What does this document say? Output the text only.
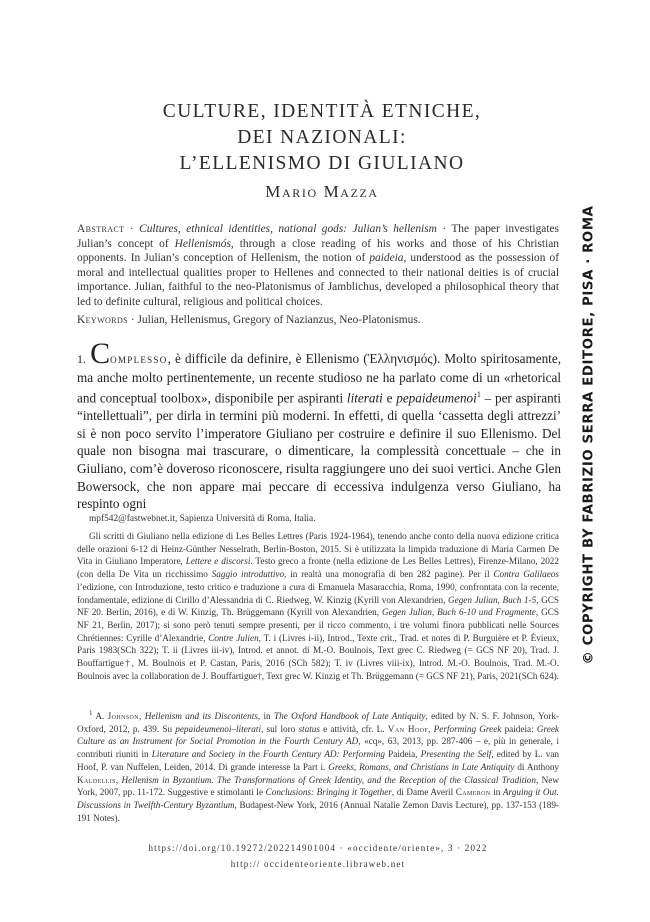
CULTURE, IDENTITÀ ETNICHE,
DEI NAZIONALI:
L’ELLENISMO DI GIULIANO
Mario Mazza
Abstract · Cultures, ethnical identities, national gods: Julian’s hellenism · The paper investigates Julian’s concept of Hellenismós, through a close reading of his works and those of his Christian opponents. In Julian’s conception of Hellenism, the notion of paideia, understood as the possession of moral and intellectual qualities proper to Hellenes and connected to their national deities is of crucial importance. Julian, faithful to the neo-Platonismus of Jamblichus, developed a philosophical theory that led to definite cultural, religious and political choices.
Keywords · Julian, Hellenismus, Gregory of Nazianzus, Neo-Platonismus.
1. Complesso, è difficile da definire, è Ellenismo (Ἑλληνισμός). Molto spiritosamente, ma anche molto pertinentemente, un recente studioso ne ha parlato come di un «rhetorical and conceptual toolbox», disponibile per aspiranti literati e pepaideumenoi$^1$ – per aspiranti “intellettuali”, per dirla in termini più moderni. In effetti, di quella ‘cassetta degli attrezzi’ si è non poco servito l’imperatore Giuliano per costruire e definire il suo Ellenismo. Del quale non bisogna mai trascurare, o dimenticare, la complessità concettuale – che in Giuliano, com’è doveroso riconoscere, risulta raggiungere uno dei suoi vertici. Anche Glen Bowersock, che non appare mai peccare di eccessiva indulgenza verso Giuliano, ha respinto ogni
mpf542@fastwebnet.it, Sapienza Università di Roma, Italia.
Gli scritti di Giuliano nella edizione di Les Belles Lettres (Paris 1924-1964), tenendo anche conto della nuova edizione critica delle orazioni 6-12 di Heinz-Günther Nesselrath, Berlin-Boston, 2015. Si è utilizzata la limpida traduzione di Maria Carmen De Vita in Giuliano Imperatore, Lettere e discorsi. Testo greco a fronte (nella edizione de Les Belles Lettres), Firenze-Milano, 2022 (con della De Vita un ricchissimo Saggio introduttivo, in realtà una monografia di ben 282 pagine). Per il Contra Galilaeos l’edizione, con Introduzione, testo critico e traduzione a cura di Emanuela Masaracchia, Roma, 1990, confrontata con la recente, fondamentale, edizione di Cirillo d’Alessandria di C. Riedweg, W. Kinzig (Kyrill von Alexandrien, Gegen Julian, Buch 1-5, GCS NF 20. Berlin, 2016), e di W. Kinzig, Th. Brüggemann (Kyrill von Alexandrien, Gegen Julian, Buch 6-10 und Fragmente, GCS NF 21, Berlin, 2017); si sono però tenuti sempre presenti, per il ricco commento, i tre volumi finora pubblicati nelle Sources Chrétiennes: Cyrille d’Alexandrie, Contre Julien, T. i (Livres i-ii), Introd., Texte crit., Trad. et notes di P. Burguière et P. Évieux, Paris 1983(SCh 322); T. ii (Livres iii-iv), Introd. et annot. di M.-O. Boulnois, Text grec C. Riedweg (= GCS NF 20), Trad. J. Bouffartigue†, M. Boulnois et P. Castan, Paris, 2016 (SCh 582); T. iv (Livres viii-ix), Introd. M.-O. Boulnois, Trad. M.-O. Boulnois avec la collaboration de J. Bouffartigue†, Text grec W. Kinzig et Th. Brüggemann (= GCS NF 21), Paris, 2021(SCh 624).
$^1$ A. Johnson, Hellenism and its Discontents, in The Oxford Handbook of Late Antiquity, edited by N. S. F. Johnson, York-Oxford, 2012, p. 439. Su pepaideumenoi–literati, sul loro status e attività, cfr. L. Van Hoof, Performing Greek paideia: Greek Culture as an Instrument for Social Promotion in the Fourth Century AD, «cq», 63, 2013, pp. 287-406 – e, più in generale, i contributi riuniti in Literature and Society in the Fourth Century AD: Performing Paideia, Presenting the Self, edited by L. van Hoof, P. van Nuffelen, Leiden, 2014. Di grande interesse la Part i. Greeks, Romans, and Christians in Late Antiquity di Anthony Kaldellis, Hellenism in Byzantium. The Transformations of Greek Identity, and the Reception of the Classical Tradition, New York, 2007, pp. 11-172. Suggestive e stimolanti le Conclusions: Bringing it Together, di Dame Averil Cameron in Arguing it Out. Discussions in Twelfth-Century Byzantium, Budapest-New York, 2016 (Annual Natalie Zemon Davis Lecture), pp. 137-153 (189-191 Notes).
https://doi.org/10.19272/202214901004 · «occidente/oriente», 3 · 2022
http:// occidenteoriente.libraweb.net
© COPYRIGHT BY FABRIZIO SERRA EDITORE, PISA · ROMA
